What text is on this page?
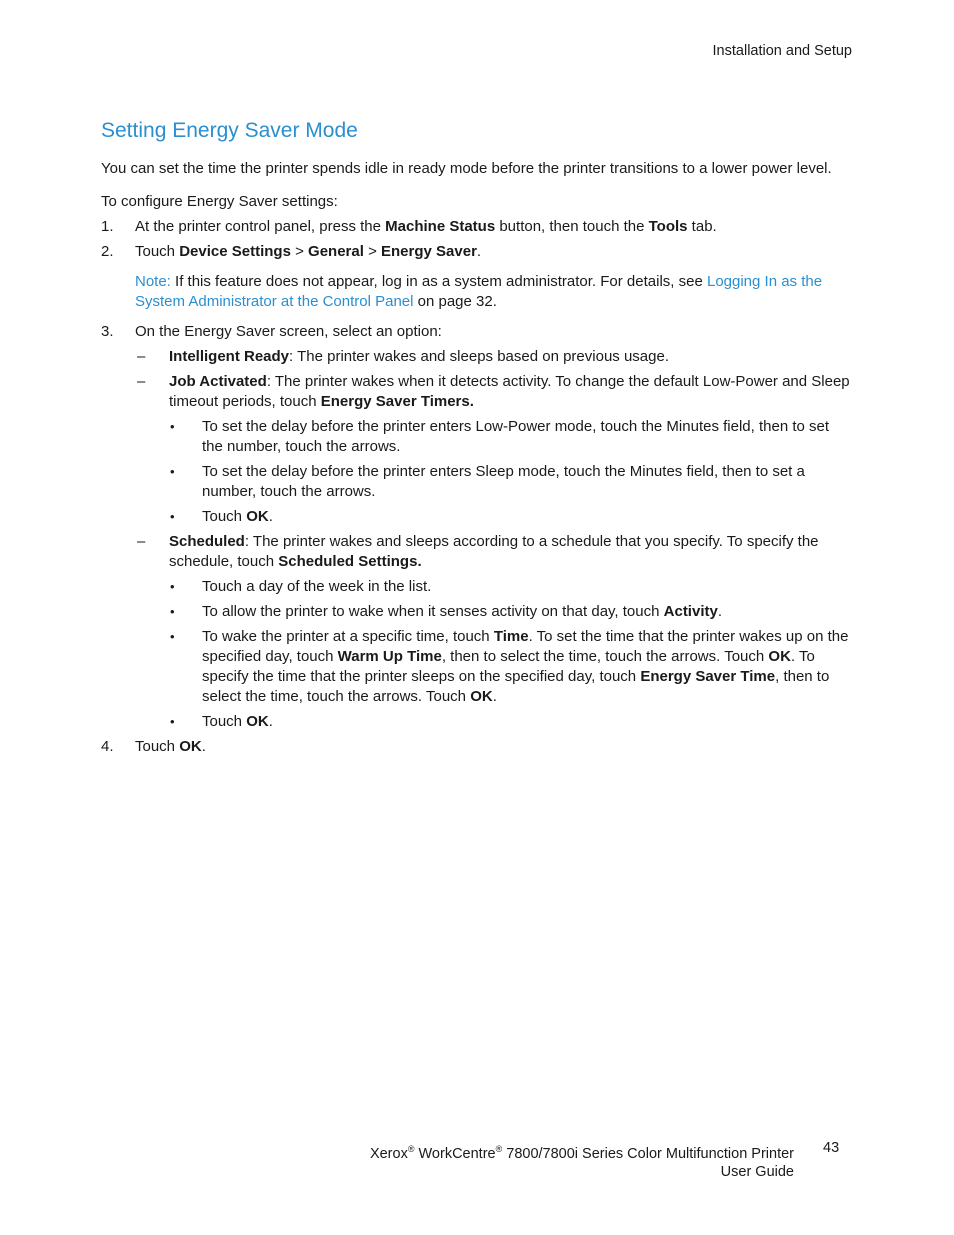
Installation and Setup
Setting Energy Saver Mode

You can set the time the printer spends idle in ready mode before the printer transitions to a lower power level.

To configure Energy Saver settings:

1. At the printer control panel, press the Machine Status button, then touch the Tools tab.
2. Touch Device Settings > General > Energy Saver.

Note: If this feature does not appear, log in as a system administrator. For details, see Logging In as the System Administrator at the Control Panel on page 32.

3. On the Energy Saver screen, select an option:
– Intelligent Ready: The printer wakes and sleeps based on previous usage.
– Job Activated: The printer wakes when it detects activity. To change the default Low-Power and Sleep timeout periods, touch Energy Saver Timers.
• To set the delay before the printer enters Low-Power mode, touch the Minutes field, then to set the number, touch the arrows.
• To set the delay before the printer enters Sleep mode, touch the Minutes field, then to set a number, touch the arrows.
• Touch OK.
– Scheduled: The printer wakes and sleeps according to a schedule that you specify. To specify the schedule, touch Scheduled Settings.
• Touch a day of the week in the list.
• To allow the printer to wake when it senses activity on that day, touch Activity.
• To wake the printer at a specific time, touch Time. To set the time that the printer wakes up on the specified day, touch Warm Up Time, then to select the time, touch the arrows. Touch OK. To specify the time that the printer sleeps on the specified day, touch Energy Saver Time, then to select the time, touch the arrows. Touch OK.
• Touch OK.
4. Touch OK.
Xerox® WorkCentre® 7800/7800i Series Color Multifunction Printer
User Guide
43
